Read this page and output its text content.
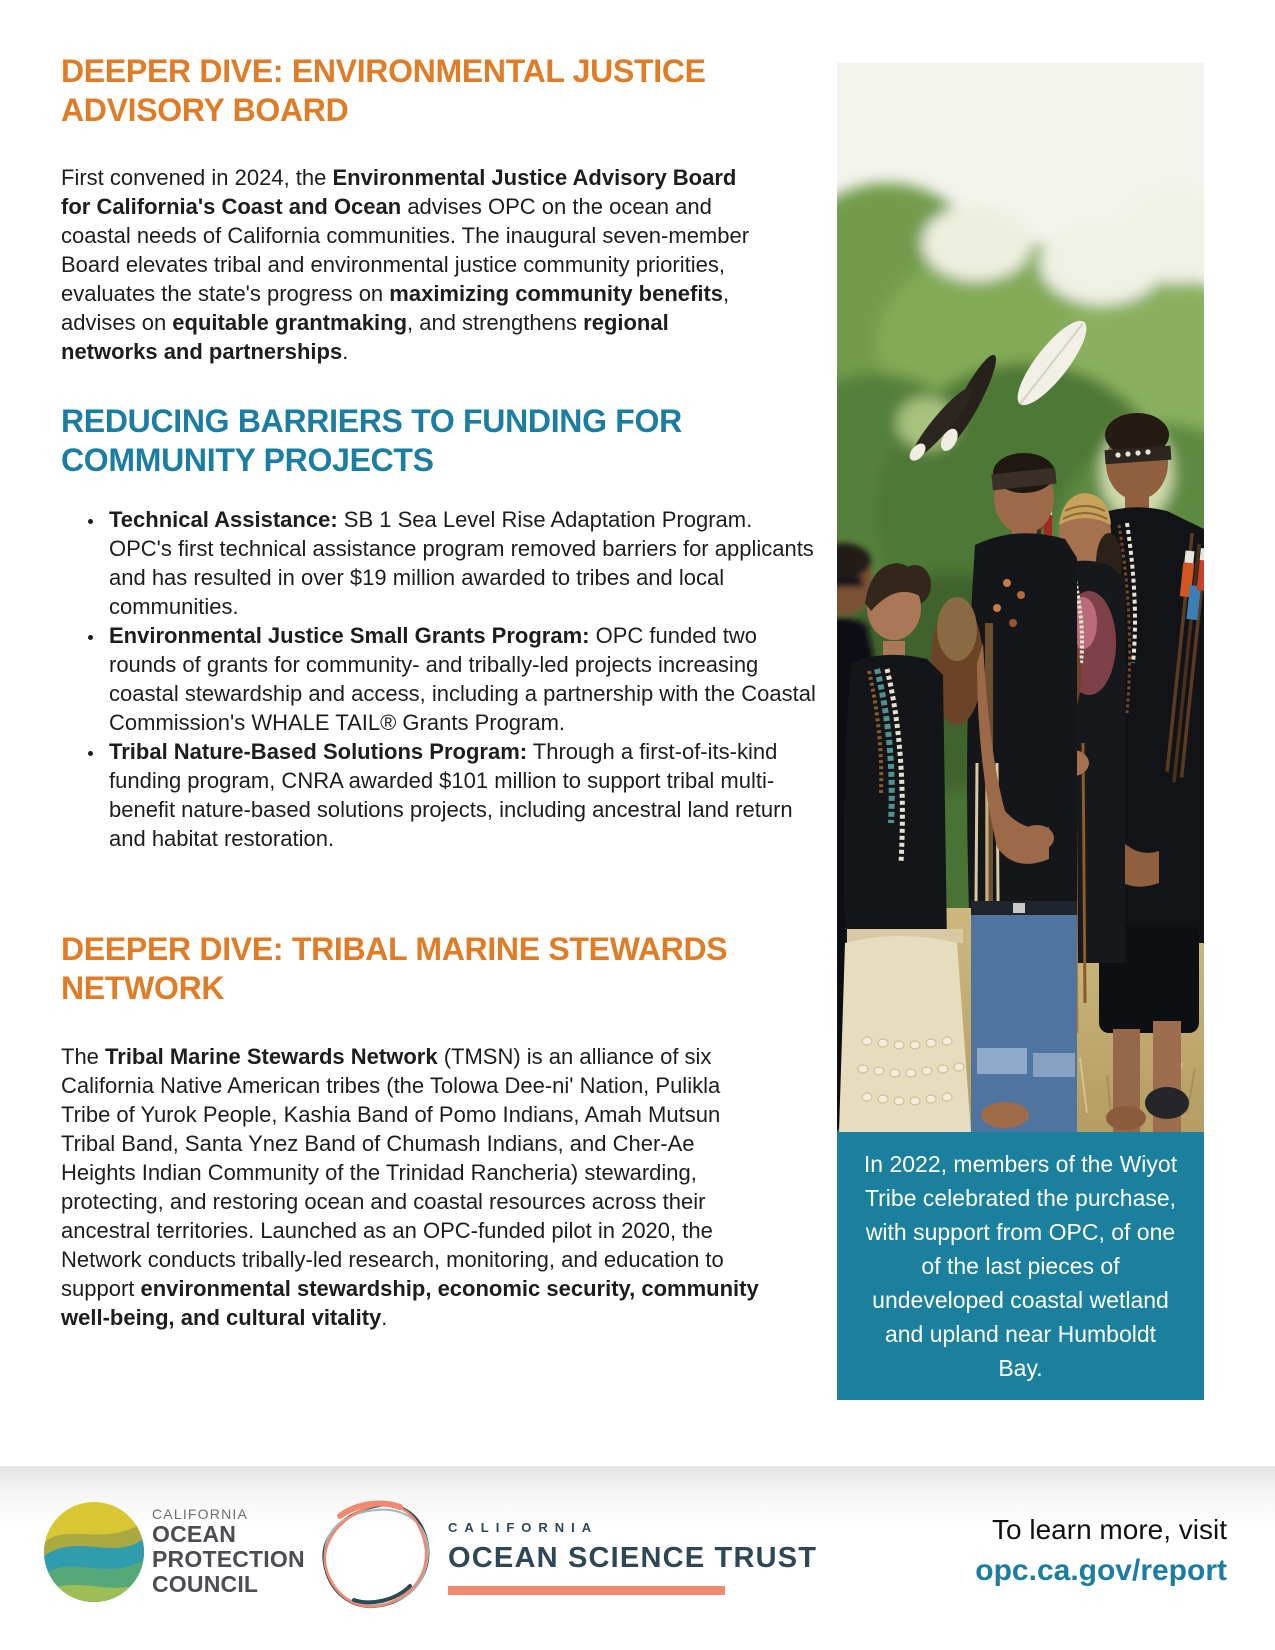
DEEPER DIVE: ENVIRONMENTAL JUSTICE ADVISORY BOARD

First convened in 2024, the Environmental Justice Advisory Board for California's Coast and Ocean advises OPC on the ocean and coastal needs of California communities. The inaugural seven-member Board elevates tribal and environmental justice community priorities, evaluates the state's progress on maximizing community benefits, advises on equitable grantmaking, and strengthens regional networks and partnerships.

REDUCING BARRIERS TO FUNDING FOR COMMUNITY PROJECTS
• Technical Assistance: SB 1 Sea Level Rise Adaptation Program. OPC's first technical assistance program removed barriers for applicants and has resulted in over $19 million awarded to tribes and local communities.
• Environmental Justice Small Grants Program: OPC funded two rounds of grants for community- and tribally-led projects increasing coastal stewardship and access, including a partnership with the Coastal Commission's WHALE TAIL® Grants Program.
• Tribal Nature-Based Solutions Program: Through a first-of-its-kind funding program, CNRA awarded $101 million to support tribal multi-benefit nature-based solutions projects, including ancestral land return and habitat restoration.
DEEPER DIVE: TRIBAL MARINE STEWARDS NETWORK

The Tribal Marine Stewards Network (TMSN) is an alliance of six California Native American tribes (the Tolowa Dee-ni' Nation, Pulikla Tribe of Yurok People, Kashia Band of Pomo Indians, Amah Mutsun Tribal Band, Santa Ynez Band of Chumash Indians, and Cher-Ae Heights Indian Community of the Trinidad Rancheria) stewarding, protecting, and restoring ocean and coastal resources across their ancestral territories. Launched as an OPC-funded pilot in 2020, the Network conducts tribally-led research, monitoring, and education to support environmental stewardship, economic security, community well-being, and cultural vitality.

In 2022, members of the Wiyot Tribe celebrated the purchase, with support from OPC, of one of the last pieces of undeveloped coastal wetland and upland near Humboldt Bay.
CALIFORNIA
OCEAN
PROTECTION
COUNCIL
CALIFORNIA
OCEAN SCIENCE TRUST
To learn more, visit
opc.ca.gov/report
